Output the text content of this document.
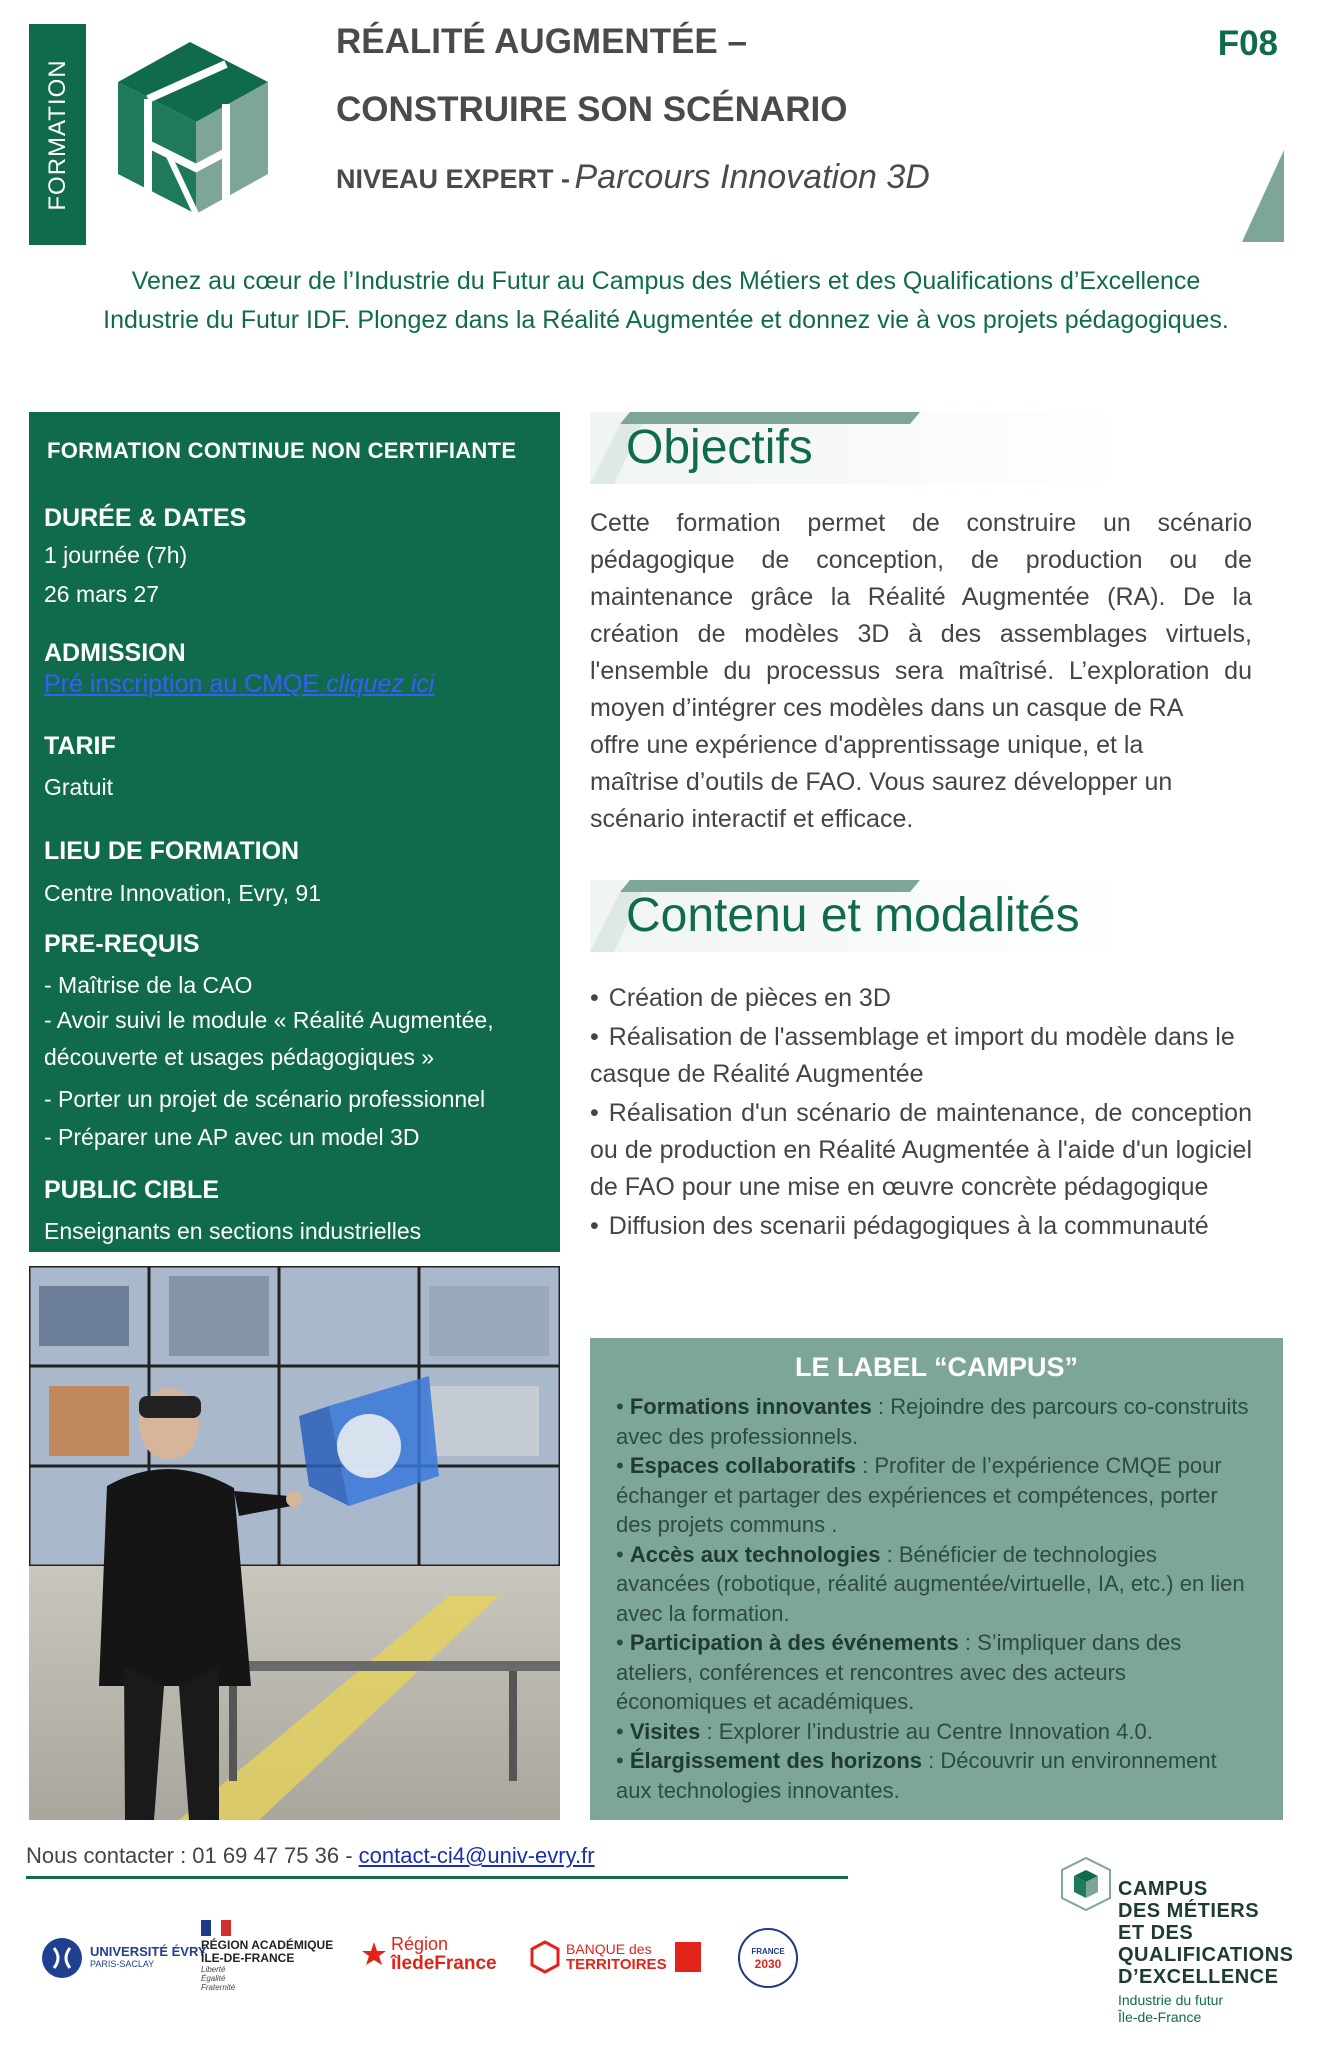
FORMATION
RÉALITÉ AUGMENTÉE –
CONSTRUIRE SON SCÉNARIO
NIVEAU EXPERT - Parcours Innovation 3D
F08
Venez au cœur de l’Industrie du Futur au Campus des Métiers et des Qualifications d’Excellence
Industrie du Futur IDF. Plongez dans la Réalité Augmentée et donnez vie à vos projets pédagogiques.
FORMATION CONTINUE NON CERTIFIANTE
DURÉE & DATES
1 journée (7h)
26 mars 27
ADMISSION
Pré inscription au CMQE cliquez ici
TARIF
Gratuit
LIEU DE FORMATION
Centre Innovation, Evry, 91
PRE-REQUIS
- Maîtrise de la CAO
- Avoir suivi le module « Réalité Augmentée,
découverte et usages pédagogiques »
- Porter un projet de scénario professionnel
- Préparer une AP avec un model 3D
PUBLIC CIBLE
Enseignants en sections industrielles
Objectifs
Cette formation permet de construire un scénario
pédagogique de conception, de production ou de
maintenance grâce la Réalité Augmentée (RA). De la
création de modèles 3D à des assemblages virtuels,
l'ensemble du processus sera maîtrisé. L’exploration du
moyen d’intégrer ces modèles dans un casque de RA
offre une expérience d'apprentissage unique, et la
maîtrise d’outils de FAO. Vous saurez développer un
scénario interactif et efficace.
Contenu et modalités
• Création de pièces en 3D
• Réalisation de l'assemblage et import du modèle dans le casque de Réalité Augmentée
• Réalisation d'un scénario de maintenance, de conception ou de production en Réalité Augmentée à l'aide d'un logiciel de FAO pour une mise en œuvre concrète pédagogique
• Diffusion des scenarii pédagogiques à la communauté
LE LABEL “CAMPUS”
• Formations innovantes : Rejoindre des parcours co-construits avec des professionnels.
• Espaces collaboratifs : Profiter de l’expérience CMQE pour échanger et partager des expériences et compétences, porter des projets communs .
• Accès aux technologies : Bénéficier de technologies avancées (robotique, réalité augmentée/virtuelle, IA, etc.) en lien avec la formation.
• Participation à des événements : S’impliquer dans des ateliers, conférences et rencontres avec des acteurs économiques et académiques.
• Visites : Explorer l’industrie au Centre Innovation 4.0.
• Élargissement des horizons : Découvrir un environnement aux technologies innovantes.
Nous contacter : 01 69 47 75 36 - contact-ci4@univ-evry.fr
UNIVERSITÉ ÉVRY
PARIS-SACLAY
RÉGION ACADÉMIQUE
ÎLE-DE-FRANCE
Liberté
Égalité
Fraternité
Région
îledeFrance
BANQUE des
TERRITOIRES
FRANCE
2030
CAMPUS
DES MÉTIERS
ET DES
QUALIFICATIONS
D’EXCELLENCE
Industrie du futur
Île-de-France
